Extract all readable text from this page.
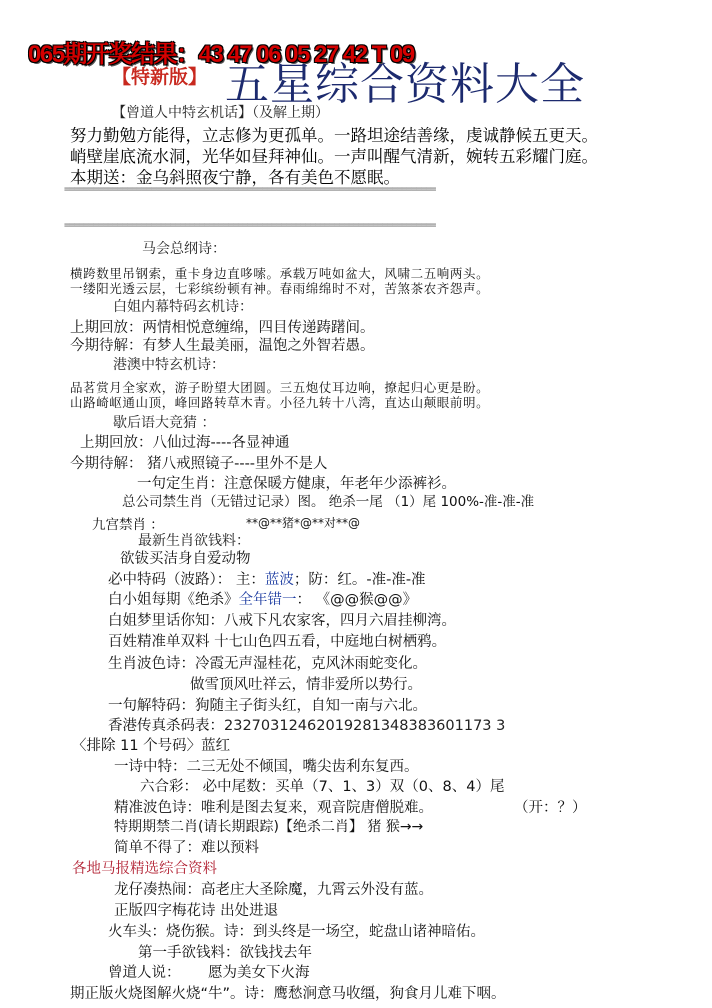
065期开奖结果：43 47 06 05 27 42 T 09
【特新版】 五星综合资料大全
【曾道人中特玄机话】（及解上期）
努力勤勉方能得，立志修为更孤单。一路坦途结善缘，虔诚静候五更天。
峭壁崖底流水洞，光华如昼拜神仙。一声叫醒气清新，婉转五彩耀门庭。
本期送：金乌斜照夜宁静，各有美色不愿眠。
=============================================================================
=============================================================================
马会总纲诗：
横跨数里吊钢索，重卡身边直哆嗦。承载万吨如盆大，风啸二五响两头。
一缕阳光透云层，七彩缤纷顿有神。春雨绵绵时不对，苦煞茶农齐怨声。
白姐内幕特码玄机诗：
上期回放：两情相悦意缠绵，四目传递踌躇间。
今期待解：有梦人生最美丽，温饱之外智若愚。
港澳中特玄机诗：
品茗赏月全家欢，游子盼望大团圆。三五炮仗耳边响，撩起归心更是盼。
山路崎岖通山顶，峰回路转草木青。小径九转十八湾，直达山颠眼前明。
歇后语大竞猜 ：
上期回放：八仙过海----各显神通
今期待解： 猪八戒照镜子----里外不是人
一句定生肖：注意保暖方健康，年老年少添裤衫。
总公司禁生肖（无错过记录）图。 绝杀一尾 （1）尾 100%-准-准-准
九宫禁肖 ：	**@**猪*@**对**@
最新生肖欲钱料：
欲钹买洁身自爱动物
必中特码（波路）： 主：蓝波；防：红。-准-准-准
白小姐每期《绝杀》全年错一： 《@@猴@@》
白姐梦里话你知：八戒下凡农家客，四月六眉挂柳湾。
百姓精准单双料 十七山色四五看，中庭地白树栖鸦。
生肖波色诗：冷霞无声湿桂花，克风沐雨蛇变化。
做雪顶风吐祥云，情非爱所以势行。
一句解特码：狗随主子街头红，自知一南与六北。
香港传真杀码表：23270312462019281348383601173 3
〈排除 11 个号码〉蓝红
一诗中特：二三无处不倾国，嘴尖齿利东复西。
六合彩： 必中尾数：买单（7、1、3）双（0、8、4）尾
精准波色诗：唯利是图去复来，观音院唐僧脱难。	（开：？）
特期期禁二肖(请长期跟踪)【绝杀二肖】 猪 猴→→
简单不得了：难以预料
各地马报精选综合资料
龙仔凑热闹：高老庄大圣除魔，九霄云外没有蓝。
正版四字梅花诗 出处进退
火车头：烧伤猴。诗：到头终是一场空，蛇盘山诸神暗佑。
第一手欲钱料：欲钱找去年
曾道人说： 愿为美女下火海
期正版火烧图解火烧“牛”。诗：鹰愁涧意马收缰，狗食月儿难下咽。
